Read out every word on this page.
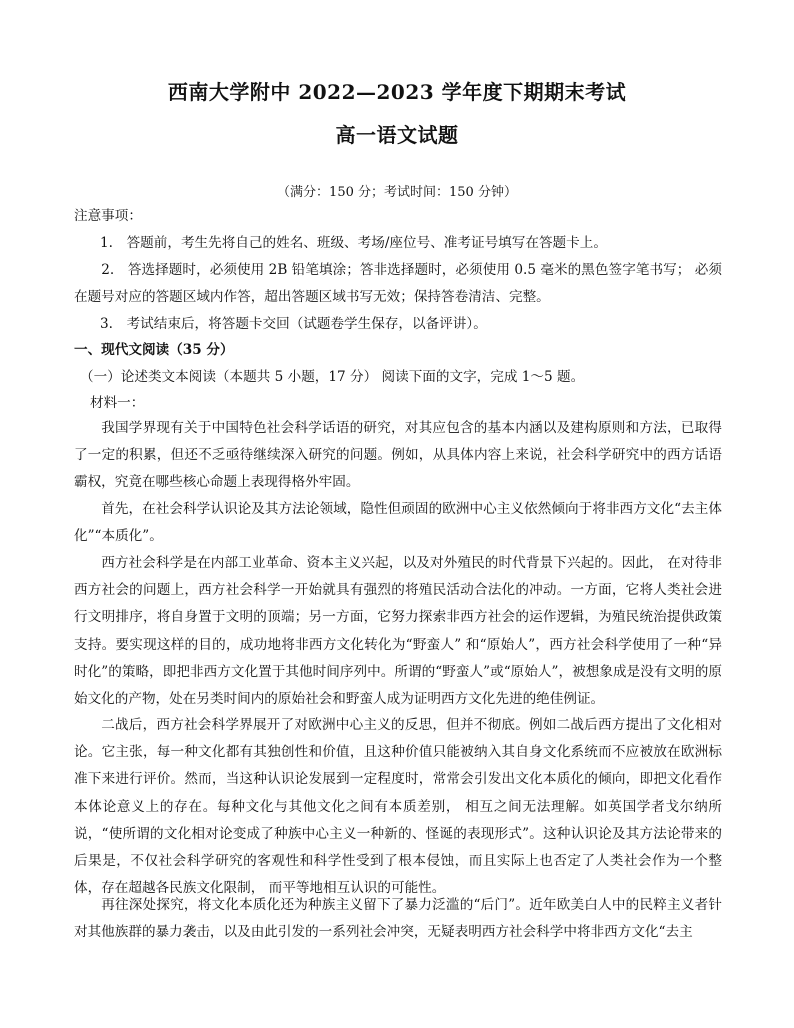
西南大学附中 2022—2023 学年度下期期末考试
高一语文试题
（满分：150 分；考试时间：150 分钟）
注意事项：
1.　答题前，考生先将自己的姓名、班级、考场/座位号、准考证号填写在答题卡上。
2.　答选择题时，必须使用 2B 铅笔填涂；答非选择题时，必须使用 0.5 毫米的黑色签字笔书写； 必须在题号对应的答题区域内作答，超出答题区域书写无效；保持答卷清洁、完整。
3.　考试结束后，将答题卡交回（试题卷学生保存，以备评讲）。
一、现代文阅读（35 分）
（一）论述类文本阅读（本题共 5 小题，17 分） 阅读下面的文字，完成 1～5 题。
材料一：
我国学界现有关于中国特色社会科学话语的研究，对其应包含的基本内涵以及建构原则和方法，已取得了一定的积累，但还不乏亟待继续深入研究的问题。例如，从具体内容上来说，社会科学研究中的西方话语霸权，究竟在哪些核心命题上表现得格外牢固。
首先，在社会科学认识论及其方法论领域，隐性但顽固的欧洲中心主义依然倾向于将非西方文化“去主体化”“本质化”。
西方社会科学是在内部工业革命、资本主义兴起，以及对外殖民的时代背景下兴起的。因此， 在对待非西方社会的问题上，西方社会科学一开始就具有强烈的将殖民活动合法化的冲动。一方面，它将人类社会进行文明排序，将自身置于文明的顶端；另一方面，它努力探索非西方社会的运作逻辑，为殖民统治提供政策支持。要实现这样的目的，成功地将非西方文化转化为“野蛮人” 和“原始人”，西方社会科学使用了一种“异时化”的策略，即把非西方文化置于其他时间序列中。所谓的“野蛮人”或“原始人”，被想象成是没有文明的原始文化的产物，处在另类时间内的原始社会和野蛮人成为证明西方文化先进的绝佳例证。
二战后，西方社会科学界展开了对欧洲中心主义的反思，但并不彻底。例如二战后西方提出了文化相对论。它主张，每一种文化都有其独创性和价值，且这种价值只能被纳入其自身文化系统而不应被放在欧洲标准下来进行评价。然而，当这种认识论发展到一定程度时，常常会引发出文化本质化的倾向，即把文化看作本体论意义上的存在。每种文化与其他文化之间有本质差别， 相互之间无法理解。如英国学者戈尔纳所说，“使所谓的文化相对论变成了种族中心主义一种新的、怪诞的表现形式”。这种认识论及其方法论带来的后果是，不仅社会科学研究的客观性和科学性受到了根本侵蚀，而且实际上也否定了人类社会作为一个整体，存在超越各民族文化限制， 而平等地相互认识的可能性。
再往深处探究，将文化本质化还为种族主义留下了暴力泛滥的“后门”。近年欧美白人中的民粹主义者针对其他族群的暴力袭击，以及由此引发的一系列社会冲突，无疑表明西方社会科学中将非西方文化“去主
